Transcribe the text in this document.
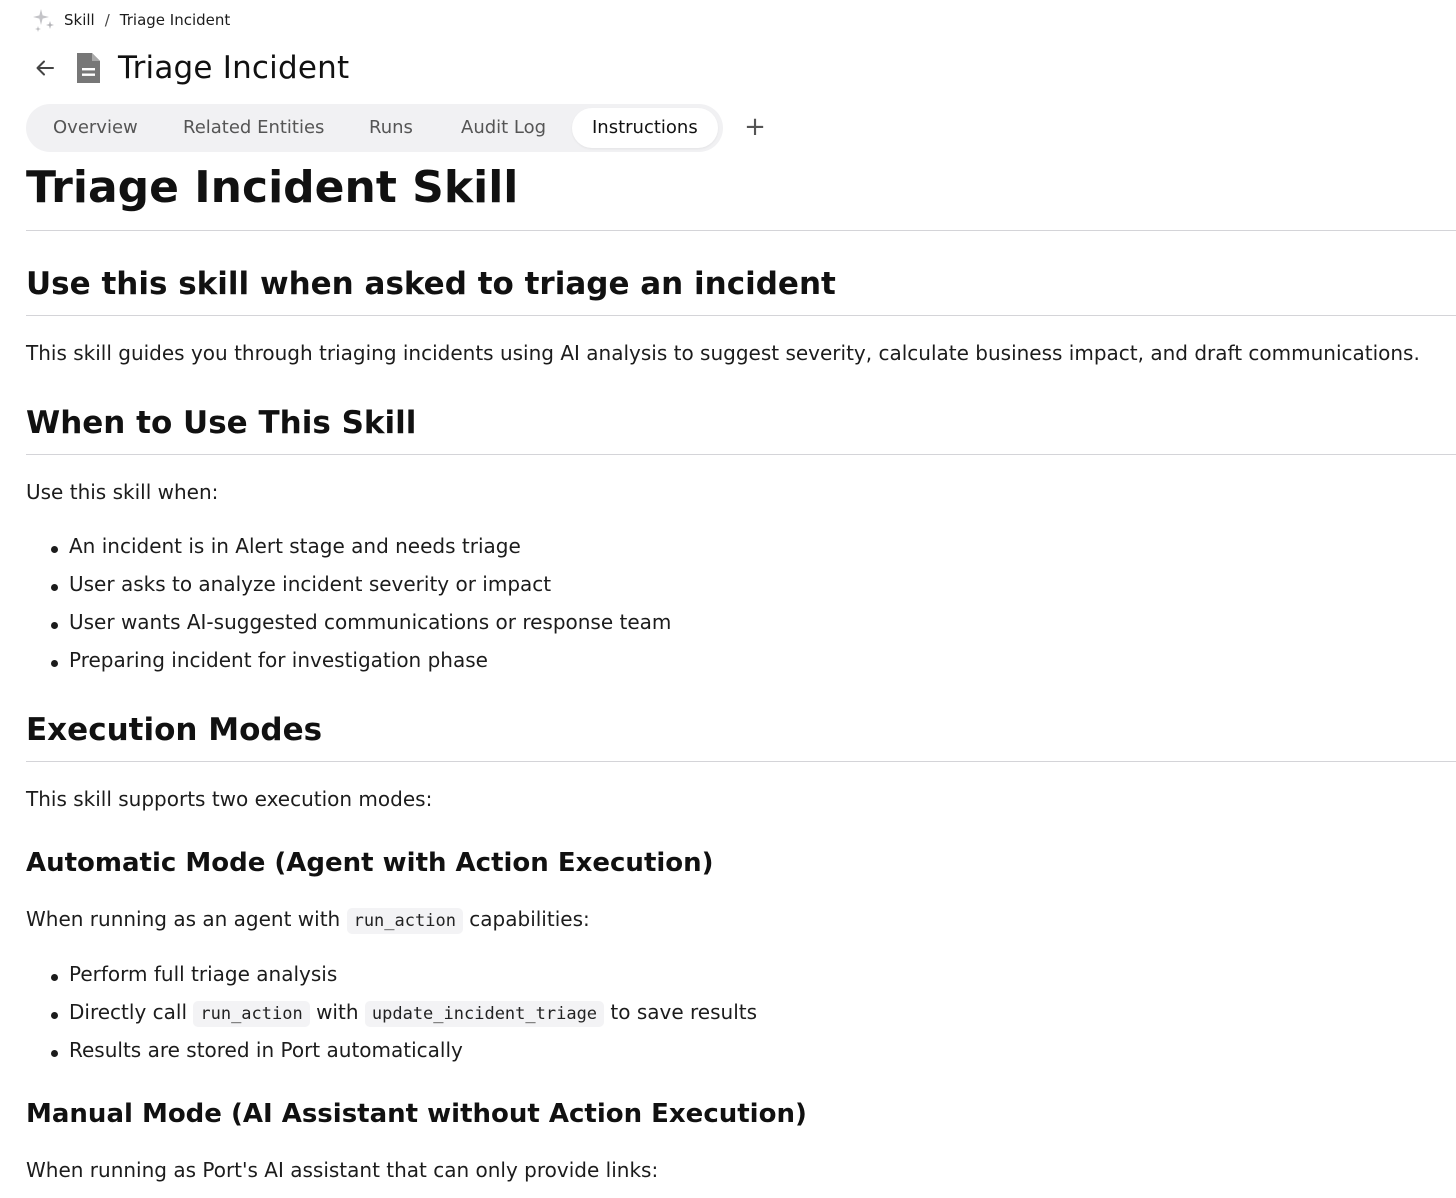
Skill / Triage Incident
Triage Incident
Overview	Related Entities Runs	Audit Log	Instructions	+
Triage Incident Skill
Use this skill when asked to triage an incident
This skill guides you through triaging incidents using AI analysis to suggest severity, calculate business impact, and draft communications.
When to Use This Skill
Use this skill when:
An incident is in Alert stage and needs triage
User asks to analyze incident severity or impact
User wants AI-suggested communications or response team
Preparing incident for investigation phase
Execution Modes
This skill supports two execution modes:
Automatic Mode (Agent with Action Execution)
When running as an agent with run_action capabilities:
Perform full triage analysis
Directly call run_action with update_incident_triage to save results
Results are stored in Port automatically
Manual Mode (AI Assistant without Action Execution)
When running as Port's AI assistant that can only provide links:
